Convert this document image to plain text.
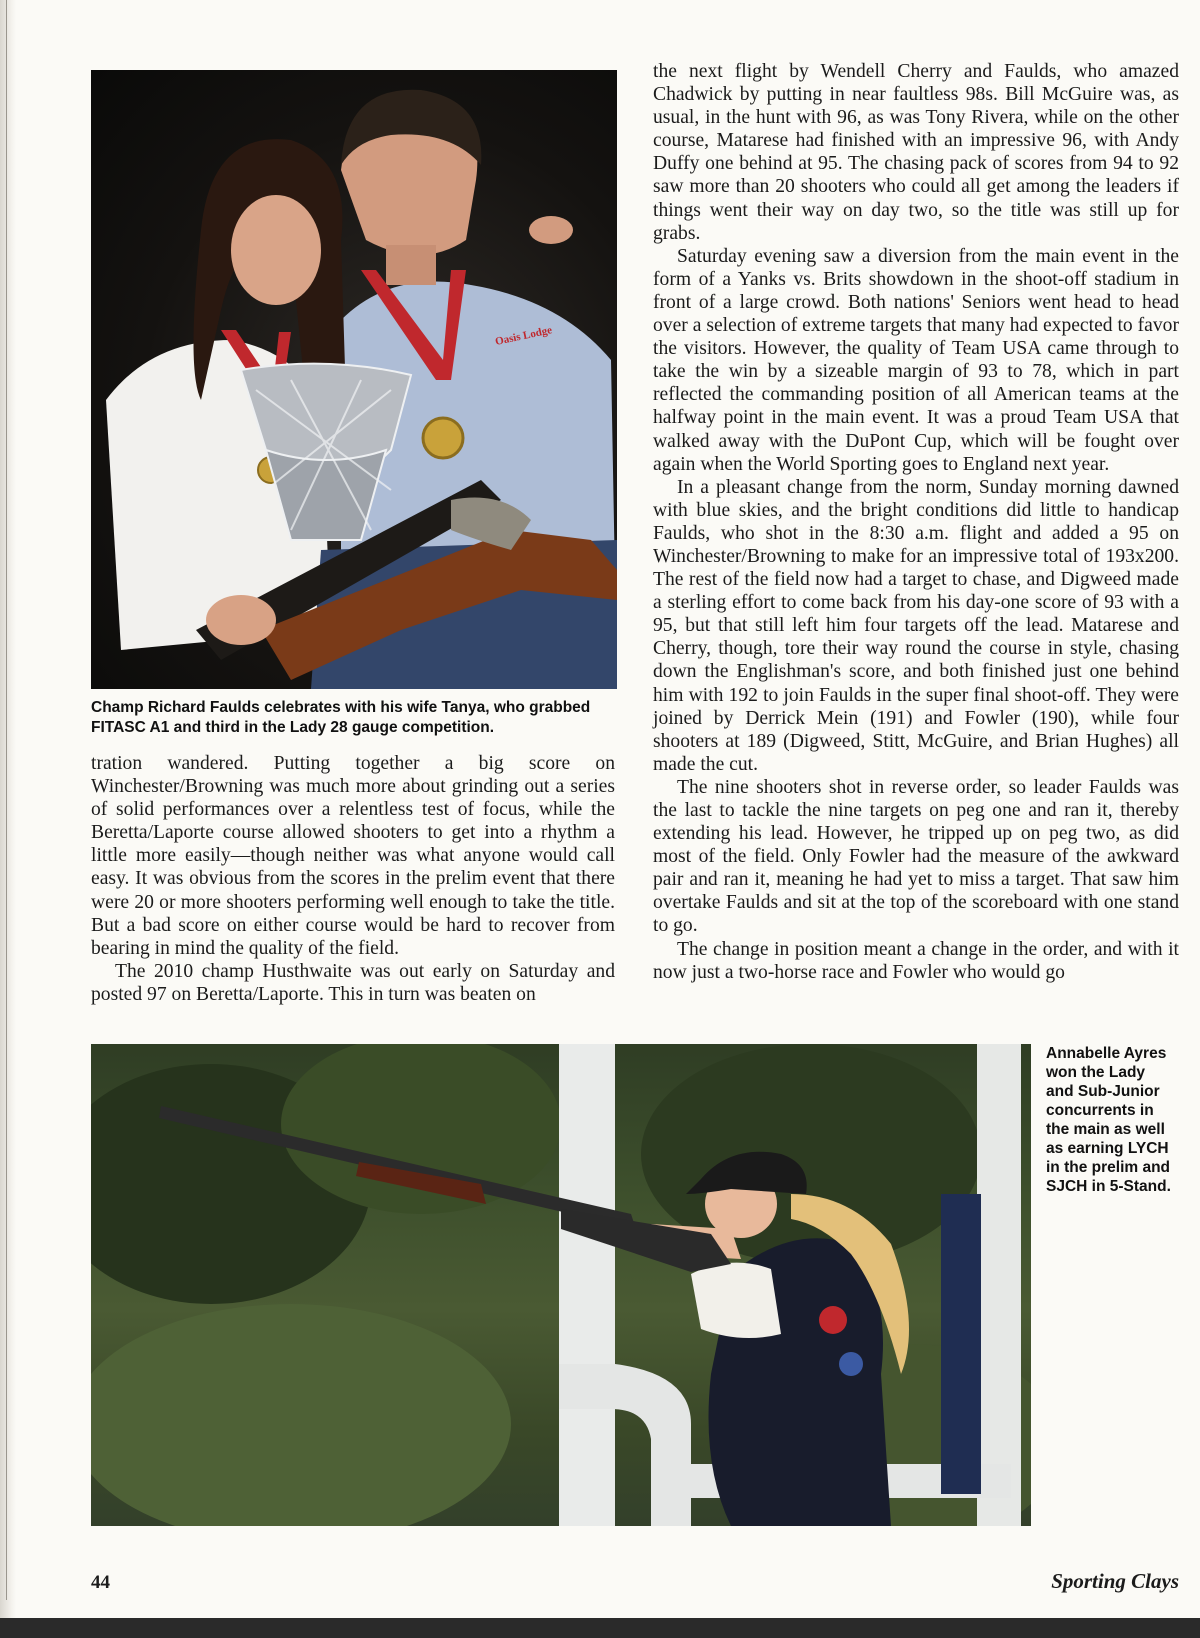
Oasis Lodge
Champ Richard Faulds celebrates with his wife Tanya, who grabbed FITASC A1 and third in the Lady 28 gauge competition.

tration wandered. Putting together a big score on Winchester/Browning was much more about grinding out a series of solid performances over a relentless test of focus, while the Beretta/Laporte course allowed shooters to get into a rhythm a little more easily—though neither was what anyone would call easy. It was obvious from the scores in the prelim event that there were 20 or more shooters performing well enough to take the title. But a bad score on either course would be hard to recover from bearing in mind the quality of the field.

The 2010 champ Husthwaite was out early on Saturday and posted 97 on Beretta/Laporte. This in turn was beaten on

the next flight by Wendell Cherry and Faulds, who amazed Chadwick by putting in near faultless 98s. Bill McGuire was, as usual, in the hunt with 96, as was Tony Rivera, while on the other course, Matarese had finished with an impressive 96, with Andy Duffy one behind at 95. The chasing pack of scores from 94 to 92 saw more than 20 shooters who could all get among the leaders if things went their way on day two, so the title was still up for grabs.

Saturday evening saw a diversion from the main event in the form of a Yanks vs. Brits showdown in the shoot-off stadium in front of a large crowd. Both nations' Seniors went head to head over a selection of extreme targets that many had expected to favor the visitors. However, the quality of Team USA came through to take the win by a sizeable margin of 93 to 78, which in part reflected the commanding position of all American teams at the halfway point in the main event. It was a proud Team USA that walked away with the DuPont Cup, which will be fought over again when the World Sporting goes to England next year.

In a pleasant change from the norm, Sunday morning dawned with blue skies, and the bright conditions did little to handicap Faulds, who shot in the 8:30 a.m. flight and added a 95 on Winchester/Browning to make for an impressive total of 193x200. The rest of the field now had a target to chase, and Digweed made a sterling effort to come back from his day-one score of 93 with a 95, but that still left him four targets off the lead. Matarese and Cherry, though, tore their way round the course in style, chasing down the Englishman's score, and both finished just one behind him with 192 to join Faulds in the super final shoot-off. They were joined by Derrick Mein (191) and Fowler (190), while four shooters at 189 (Digweed, Stitt, McGuire, and Brian Hughes) all made the cut.

The nine shooters shot in reverse order, so leader Faulds was the last to tackle the nine targets on peg one and ran it, thereby extending his lead. However, he tripped up on peg two, as did most of the field. Only Fowler had the measure of the awkward pair and ran it, meaning he had yet to miss a target. That saw him overtake Faulds and sit at the top of the scoreboard with one stand to go.

The change in position meant a change in the order, and with it now just a two-horse race and Fowler who would go

Annabelle Ayres won the Lady and Sub-Junior concurrents in the main as well as earning LYCH in the prelim and SJCH in 5-Stand.
44	Sporting Clays
